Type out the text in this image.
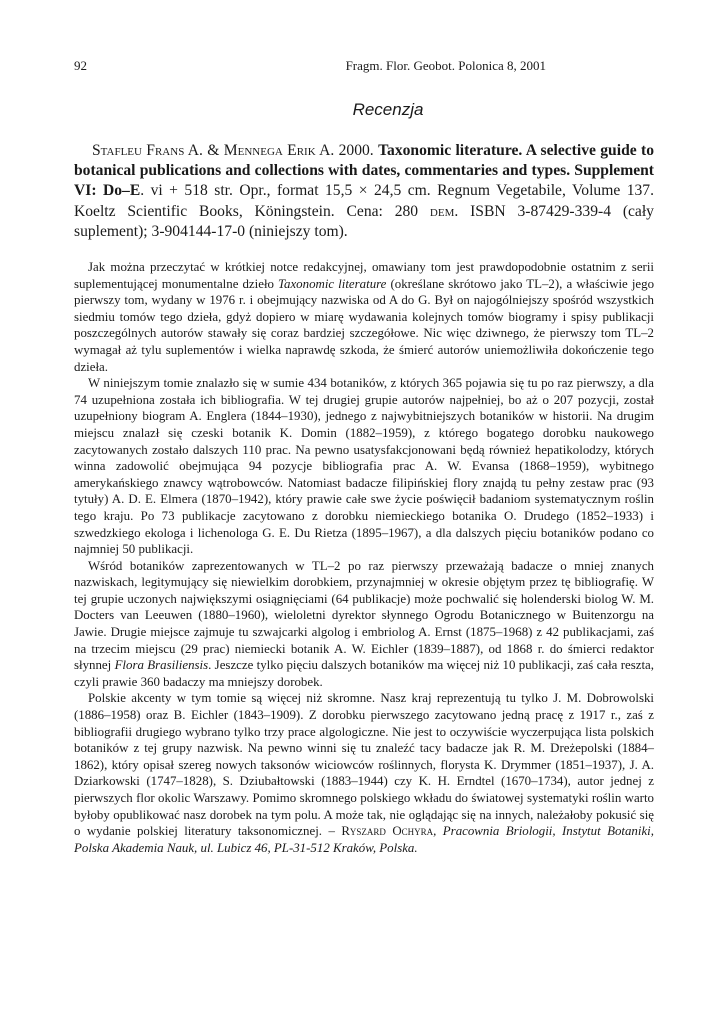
92	Fragm. Flor. Geobot. Polonica 8, 2001
Recenzja
Stafleu Frans A. & Mennega Erik A. 2000. Taxonomic literature. A selective guide to botanical publications and collections with dates, commentaries and types. Supplement VI: Do–E. vi + 518 str. Opr., format 15,5 × 24,5 cm. Regnum Vegetabile, Volume 137. Koeltz Scientific Books, Köningstein. Cena: 280 dem. ISBN 3-87429-339-4 (cały suplement); 3-904144-17-0 (niniejszy tom).

Jak można przeczytać w krótkiej notce redakcyjnej, omawiany tom jest prawdopodobnie ostatnim z serii suplementującej monumentalne dzieło Taxonomic literature (określane skrótowo jako TL–2), a właściwie jego pierwszy tom, wydany w 1976 r. i obejmujący nazwiska od A do G. Był on najogólniejszy spośród wszystkich siedmiu tomów tego dzieła, gdyż dopiero w miarę wydawania kolejnych tomów biogramy i spisy publikacji poszczególnych autorów stawały się coraz bardziej szczegółowe. Nic więc dziwnego, że pierwszy tom TL–2 wymagał aż tylu suplementów i wielka naprawdę szkoda, że śmierć autorów uniemożliwiła dokończenie tego dzieła.

W niniejszym tomie znalazło się w sumie 434 botaników, z których 365 pojawia się tu po raz pierwszy, a dla 74 uzupełniona została ich bibliografia. W tej drugiej grupie autorów najpełniej, bo aż o 207 pozycji, został uzupełniony biogram A. Englera (1844–1930), jednego z najwybitniejszych botaników w historii. Na drugim miejscu znalazł się czeski botanik K. Domin (1882–1959), z którego bogatego dorobku naukowego zacytowanych zostało dalszych 110 prac. Na pewno usatysfakcjonowani będą również hepatikolodzy, których winna zadowolić obejmująca 94 pozycje bibliografia prac A. W. Evansa (1868–1959), wybitnego amerykańskiego znawcy wątrobowców. Natomiast badacze filipińskiej flory znajdą tu pełny zestaw prac (93 tytuły) A. D. E. Elmera (1870–1942), który prawie całe swe życie poświęcił badaniom systematycznym roślin tego kraju. Po 73 publikacje zacytowano z dorobku niemieckiego botanika O. Drudego (1852–1933) i szwedzkiego ekologa i lichenologa G. E. Du Rietza (1895–1967), a dla dalszych pięciu botaników podano co najmniej 50 publikacji.

Wśród botaników zaprezentowanych w TL–2 po raz pierwszy przeważają badacze o mniej znanych nazwiskach, legitymujący się niewielkim dorobkiem, przynajmniej w okresie objętym przez tę bibliografię. W tej grupie uczonych największymi osiągnięciami (64 publikacje) może pochwalić się holenderski biolog W. M. Docters van Leeuwen (1880–1960), wieloletni dyrektor słynnego Ogrodu Botanicznego w Buitenzorgu na Jawie. Drugie miejsce zajmuje tu szwajcarki algolog i embriolog A. Ernst (1875–1968) z 42 publikacjami, zaś na trzecim miejscu (29 prac) niemiecki botanik A. W. Eichler (1839–1887), od 1868 r. do śmierci redaktor słynnej Flora Brasiliensis. Jeszcze tylko pięciu dalszych botaników ma więcej niż 10 publikacji, zaś cała reszta, czyli prawie 360 badaczy ma mniejszy dorobek.

Polskie akcenty w tym tomie są więcej niż skromne. Nasz kraj reprezentują tu tylko J. M. Dobrowolski (1886–1958) oraz B. Eichler (1843–1909). Z dorobku pierwszego zacytowano jedną pracę z 1917 r., zaś z bibliografii drugiego wybrano tylko trzy prace algologiczne. Nie jest to oczywiście wyczerpująca lista polskich botaników z tej grupy nazwisk. Na pewno winni się tu znaleźć tacy badacze jak R. M. Dreżepolski (1884–1862), który opisał szereg nowych taksonów wiciowców roślinnych, florysta K. Drymmer (1851–1937), J. A. Dziarkowski (1747–1828), S. Dziubałtowski (1883–1944) czy K. H. Erndtel (1670–1734), autor jednej z pierwszych flor okolic Warszawy. Pomimo skromnego polskiego wkładu do światowej systematyki roślin warto byłoby opublikować nasz dorobek na tym polu. A może tak, nie oglądając się na innych, należałoby pokusić się o wydanie polskiej literatury taksonomicznej. – Ryszard Ochyra, Pracownia Briologii, Instytut Botaniki, Polska Akademia Nauk, ul. Lubicz 46, PL-31-512 Kraków, Polska.
